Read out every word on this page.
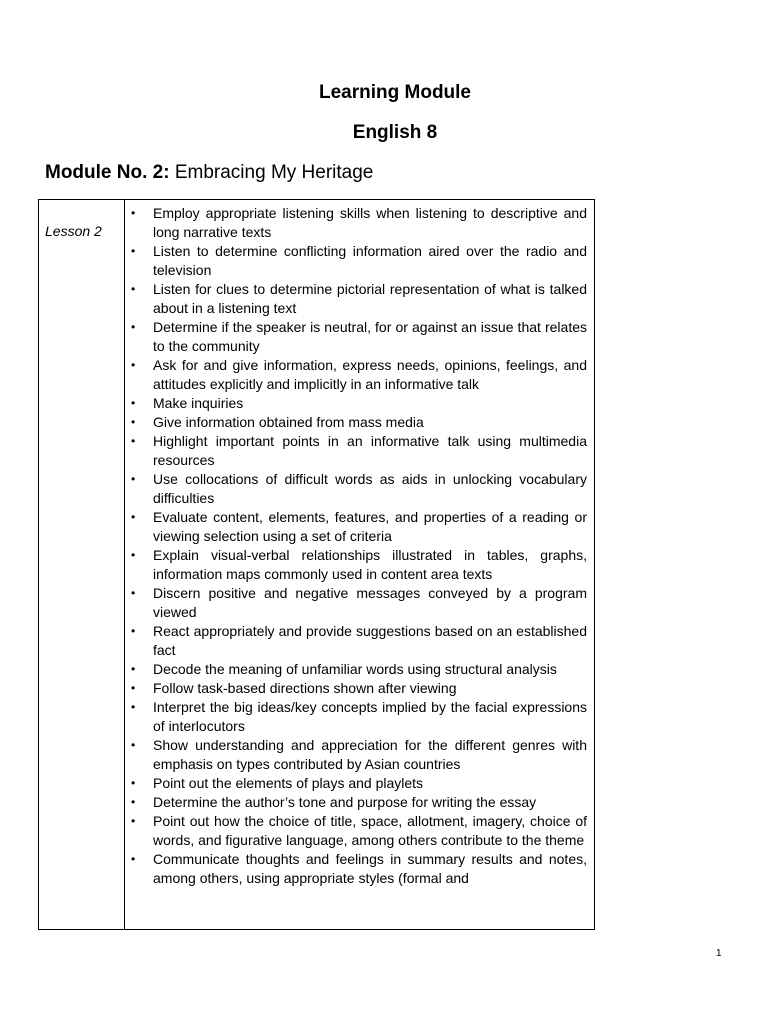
Learning Module
English 8
Module No. 2: Embracing My Heritage
Lesson 2

•	Employ appropriate listening skills when listening to descriptive and long narrative texts
•	Listen to determine conflicting information aired over the radio and television
•	Listen for clues to determine pictorial representation of what is talked about in a listening text
•	Determine if the speaker is neutral, for or against an issue that relates to the community
•	Ask for and give information, express needs, opinions, feelings, and attitudes explicitly and implicitly in an informative talk
•	Make inquiries
•	Give information obtained from mass media
•	Highlight important points in an informative talk using multimedia resources
•	Use collocations of difficult words as aids in unlocking vocabulary difficulties
•	Evaluate content, elements, features, and properties of a reading or viewing selection using a set of criteria
•	Explain visual-verbal relationships illustrated in tables, graphs, information maps commonly used in content area texts
•	Discern positive and negative messages conveyed by a program viewed
•	React appropriately and provide suggestions based on an established fact
•	Decode the meaning of unfamiliar words using structural analysis
•	Follow task-based directions shown after viewing
•	Interpret the big ideas/key concepts implied by the facial expressions of interlocutors
•	Show understanding and appreciation for the different genres with emphasis on types contributed by Asian countries
•	Point out the elements of plays and playlets
•	Determine the author’s tone and purpose for writing the essay
•	Point out how the choice of title, space, allotment, imagery, choice of words, and figurative language, among others contribute to the theme
•	Communicate thoughts and feelings in summary results and notes, among others, using appropriate styles (formal and
1
